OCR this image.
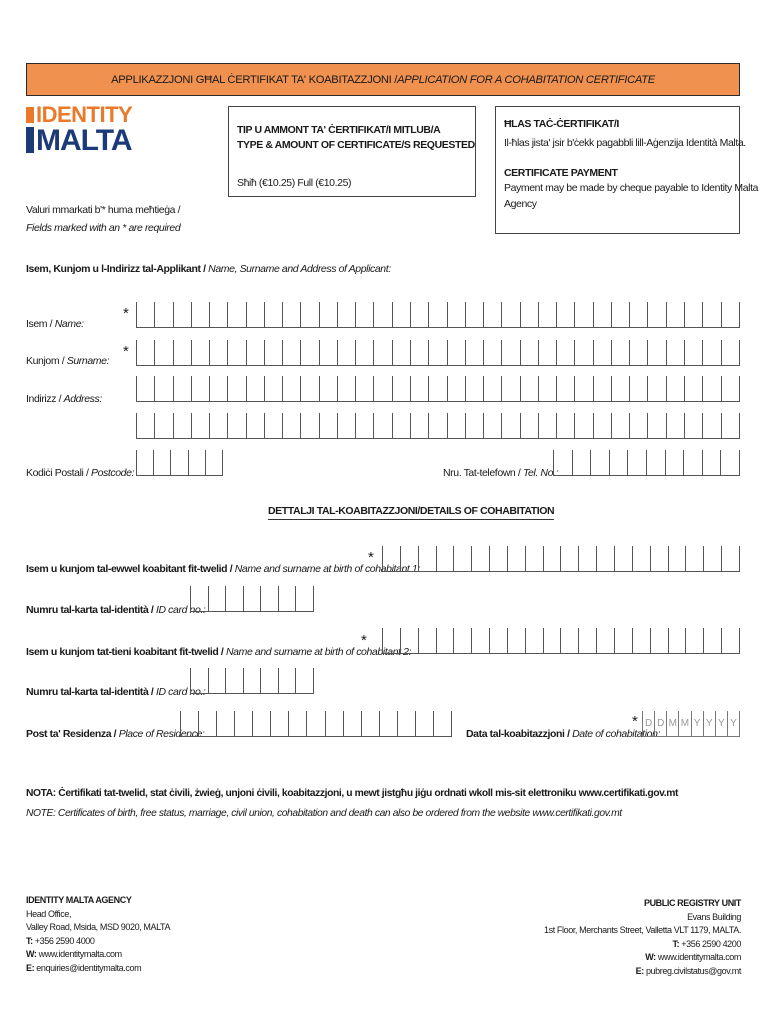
APPLIKAZZJONI GĦAL ĊERTIFIKAT TA' KOABITAZZJONI / APPLICATION FOR A COHABITATION CERTIFICATE
IDENTITY
MALTA
Valuri mmarkati b'* huma meħtieġa /
Fields marked with an * are required
TIP U AMMONT TA' ĊERTIFIKAT/I MITLUB/A
TYPE & AMOUNT OF CERTIFICATE/S REQUESTED
Sħiħ (€10.25) Full (€10.25)
ĦLAS TAĊ-ĊERTIFIKAT/I
Il-ħlas jista' jsir b'ċekk pagabbli lill-Aġenzija Identità Malta.
CERTIFICATE PAYMENT
Payment may be made by cheque payable to Identity Malta
Agency
Isem, Kunjom u l-Indirizz tal-Applikant / Name, Surname and Address of Applicant:
Isem / Name:
*
Kunjom / Surname:
*
Indirizz / Address:
Kodiċi Postali / Postcode:	Nru. Tat-telefown / Tel. No.:
DETTALJI TAL-KOABITAZZJONI/DETAILS OF COHABITATION
Isem u kunjom tal-ewwel koabitant fit-twelid / Name and surname at birth of cohabitant 1:
*
Numru tal-karta tal-identità / ID card no.:
Isem u kunjom tat-tieni koabitant fit-twelid / Name and surname at birth of cohabitant 2:
*
Numru tal-karta tal-identità / ID card no.:
Post ta' Residenza / Place of Residence:	Data tal-koabitazzjoni / Date of cohabitation:
* D D M M Y Y Y Y
NOTA: Ċertifikati tat-twelid, stat ċivili, żwieġ, unjoni ċivili, koabitazzjoni, u mewt jistgħu jiġu ordnati wkoll mis-sit elettroniku www.certifikati.gov.mt
NOTE: Certificates of birth, free status, marriage, civil union, cohabitation and death can also be ordered from the website www.certifikati.gov.mt
IDENTITY MALTA AGENCY
Head Office,
Valley Road, Msida, MSD 9020, MALTA
T: +356 2590 4000
W: www.identitymalta.com
E: enquiries@identitymalta.com
PUBLIC REGISTRY UNIT
Evans Building
1st Floor, Merchants Street, Valletta VLT 1179, MALTA.
T: +356 2590 4200
W: www.identitymalta.com
E: pubreg.civilstatus@gov.mt
